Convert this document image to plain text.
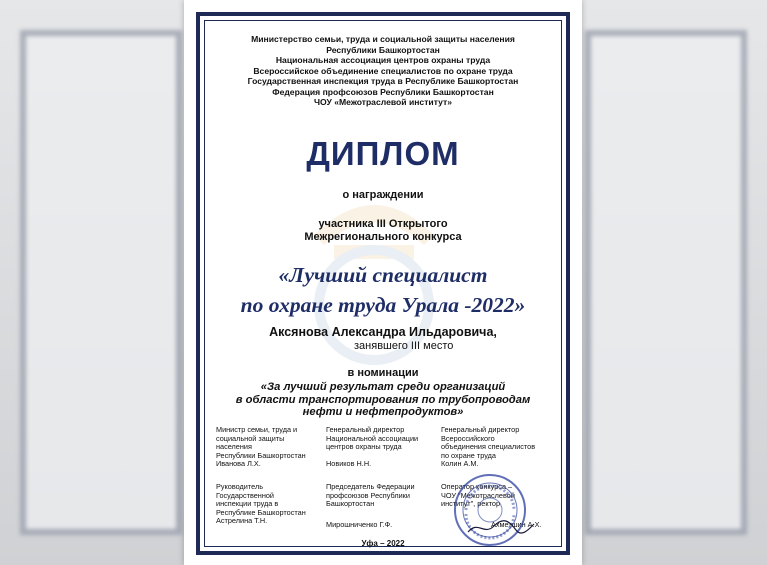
Министерство семьи, труда и социальной защиты населения
Республики Башкортостан
Национальная ассоциация центров охраны труда
Всероссийское объединение специалистов по охране труда
Государственная инспекция труда в Республике Башкортостан
Федерация профсоюзов Республики Башкортостан
ЧОУ «Межотраслевой институт»
ДИПЛОМ
о награждении
участника III Открытого
Межрегионального конкурса
«Лучший специалист
по охране труда Урала -2022»
Аксянова Александра Ильдаровича,
занявшего III место
в номинации
«За лучший результат среди организаций
в области транспортирования по трубопроводам
нефти и нефтепродуктов»
Министр семьи, труда и
социальной защиты
населения
Республики Башкортостан
Иванова Л.Х.
Генеральный директор
Национальной ассоциации
центров охраны труда
Новиков Н.Н.
Генеральный директор
Всероссийского
объединения специалистов
по охране труда
Колин А.М.
Руководитель
Государственной
инспекции труда в
Республике Башкортостан
Астрелина Т.Н.
Председатель Федерации
профсоюзов Республики
Башкортостан
Мирошниченко Г.Ф.
Оператор конкурса –
ЧОУ "Межотраслевой
институт", ректор
Ахметшин А.Х.
Уфа – 2022
